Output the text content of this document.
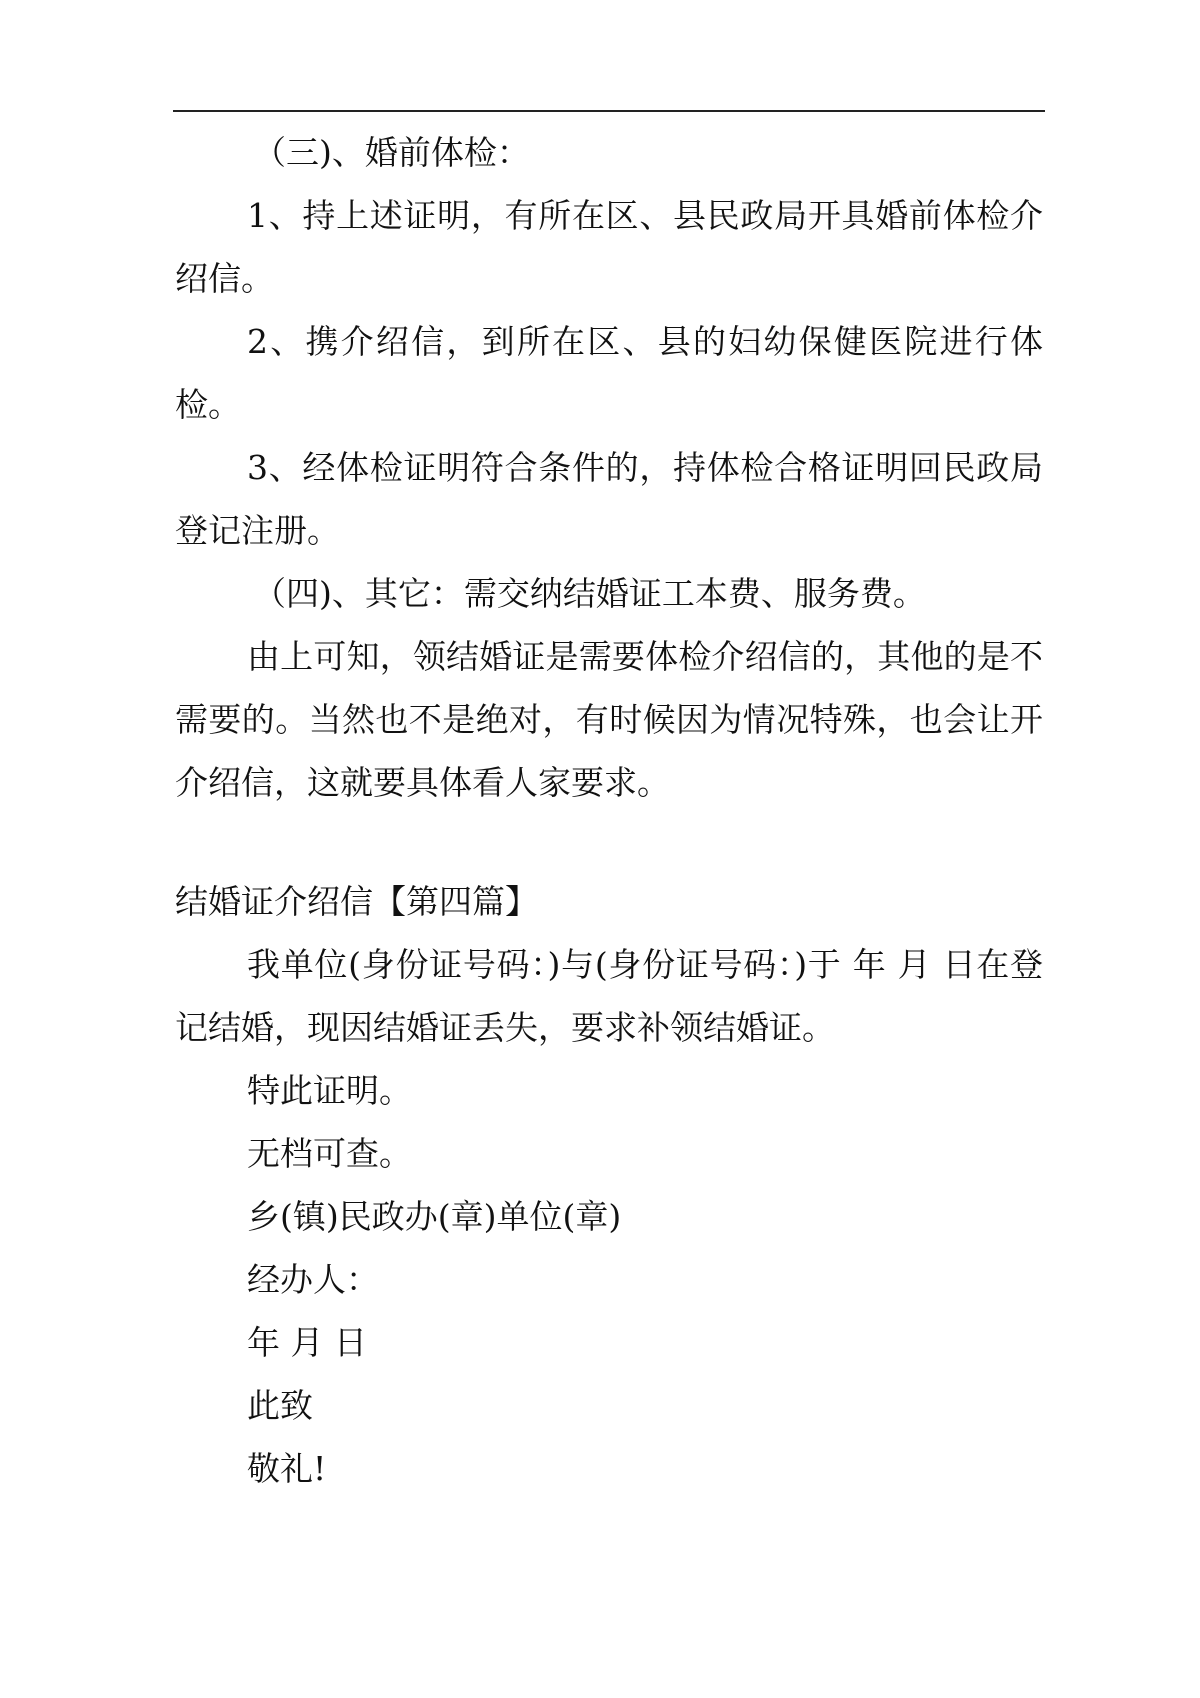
（三)、婚前体检：

1、持上述证明，有所在区、县民政局开具婚前体检介绍信。

2、携介绍信，到所在区、县的妇幼保健医院进行体检。

3、经体检证明符合条件的，持体检合格证明回民政局登记注册。

（四)、其它：需交纳结婚证工本费、服务费。

由上可知，领结婚证是需要体检介绍信的，其他的是不需要的。当然也不是绝对，有时候因为情况特殊，也会让开介绍信，这就要具体看人家要求。

结婚证介绍信【第四篇】

我单位(身份证号码：)与(身份证号码：)于 年 月 日在登记结婚，现因结婚证丢失，要求补领结婚证。

特此证明。

无档可查。

乡(镇)民政办(章)单位(章)

经办人：

年 月 日

此致

敬礼!
